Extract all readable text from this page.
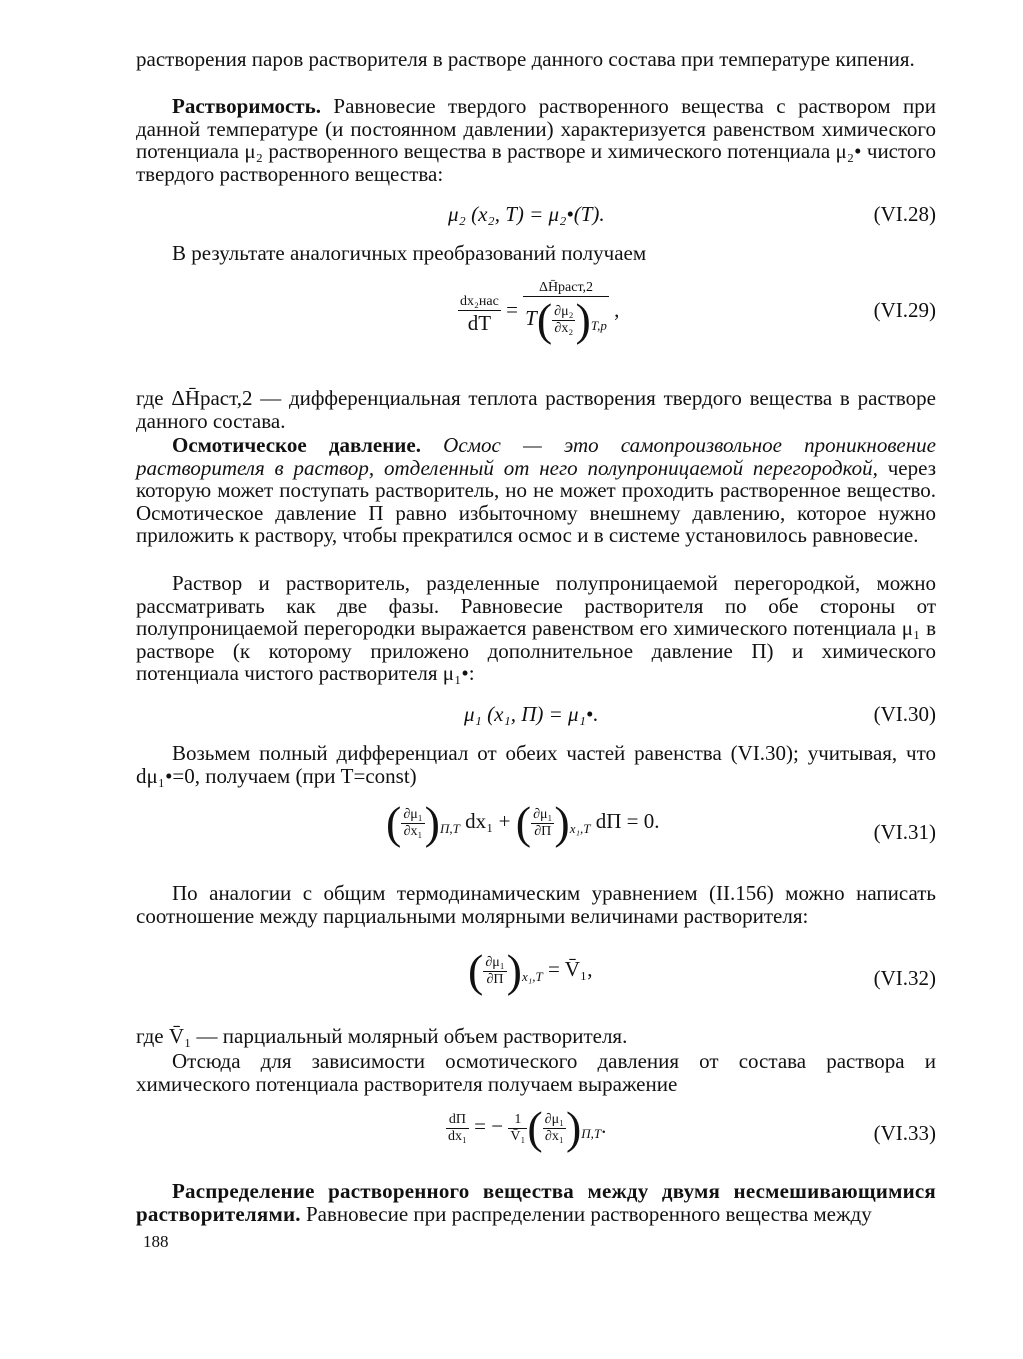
растворения паров растворителя в растворе данного состава при температуре кипения.
Растворимость. Равновесие твердого растворенного вещества с раствором при данной температуре (и постоянном давлении) характеризуется равенством химического потенциала μ₂ растворенного вещества в растворе и химического потенциала μ₂• чистого твердого растворенного вещества:
μ₂ (x₂, T) = μ₂•(T).	(VI.28)
В результате аналогичных преобразований получаем
$\frac{\text{dx₂нас}}{dT} = \frac{\text{ΔH̄раст,2}}{T( \frac{\text{∂μ₂}}{\text{∂x₂}} )_{T,p}}$ ,	(VI.29)
где ΔH̄раст,2 — дифференциальная теплота растворения твердого вещества в растворе данного состава.
Осмотическое давление. Осмос — это самопроизвольное проникновение растворителя в раствор, отделенный от него полупроницаемой перегородкой, через которую может поступать растворитель, но не может проходить растворенное вещество. Осмотическое давление П равно избыточному внешнему давлению, которое нужно приложить к раствору, чтобы прекратился осмос и в системе установилось равновесие.
Раствор и растворитель, разделенные полупроницаемой перегородкой, можно рассматривать как две фазы. Равновесие растворителя по обе стороны от полупроницаемой перегородки выражается равенством его химического потенциала μ₁ в растворе (к которому приложено дополнительное давление П) и химического потенциала чистого растворителя μ₁•:
μ₁ (x₁, П) = μ₁•.	(VI.30)
Возьмем полный дифференциал от обеих частей равенства (VI.30); учитывая, что dμ₁•=0, получаем (при T=const)
( $\frac{\text{∂μ₁}}{\text{∂x₁}} )_{П,T}$ dx₁ + ( $\frac{\text{∂μ₁}}{\partial П} )_{x_1,T}$ dП = 0.	(VI.31)
По аналогии с общим термодинамическим уравнением (II.156) можно написать соотношение между парциальными молярными величинами растворителя:
( $\frac{\text{∂μ₁}}{\partial П} )_{x_1,T}$ = V̄₁,	(VI.32)
где V̄₁ — парциальный молярный объем растворителя.
Отсюда для зависимости осмотического давления от состава раствора и химического потенциала растворителя получаем выражение
$\frac{dП}{\text{dx₁}}$ = − $\frac{1}{\text{V̄₁}}$ ( $\frac{\text{∂μ₁}}{\text{∂x₁}} )_{П,T}$.	(VI.33)
Распределение растворенного вещества между двумя несмешивающимися растворителями. Равновесие при распределении растворенного вещества между
188
